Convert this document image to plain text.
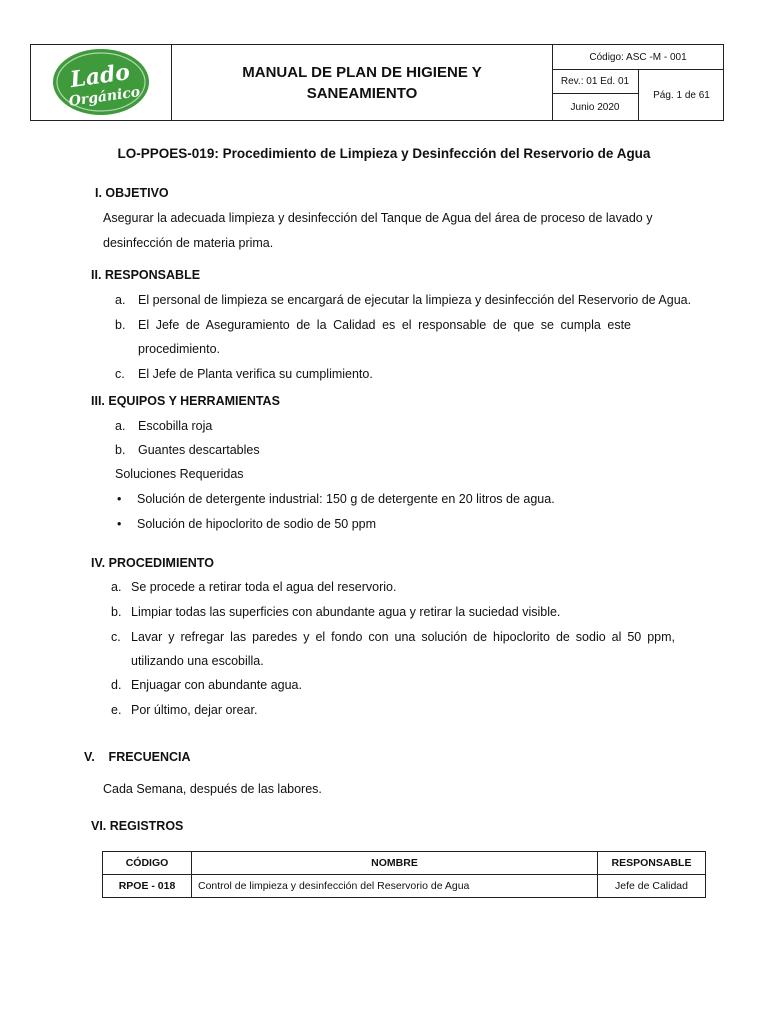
Lado
Orgánico
MANUAL DE PLAN DE HIGIENE Y SANEAMIENTO
Código: ASC -M - 001
Rev.: 01 Ed. 01
Junio 2020
Pág. 1 de 61
LO-PPOES-019: Procedimiento de Limpieza y Desinfección del Reservorio de Agua
I. OBJETIVO
Asegurar la adecuada limpieza y desinfección del Tanque de Agua del área de proceso de lavado y
desinfección de materia prima.
II. RESPONSABLE
a. El personal de limpieza se encargará de ejecutar la limpieza y desinfección del Reservorio de Agua.
b. El Jefe de Aseguramiento de la Calidad es el responsable de que se cumpla este
procedimiento.
c. El Jefe de Planta verifica su cumplimiento.
III. EQUIPOS Y HERRAMIENTAS
a. Escobilla roja
b. Guantes descartables
Soluciones Requeridas
• Solución de detergente industrial: 150 g de detergente en 20 litros de agua.
• Solución de hipoclorito de sodio de 50 ppm
IV. PROCEDIMIENTO
a. Se procede a retirar toda el agua del reservorio.
b. Limpiar todas las superficies con abundante agua y retirar la suciedad visible.
c. Lavar y refregar las paredes y el fondo con una solución de hipoclorito de sodio al 50 ppm,
utilizando una escobilla.
d. Enjuagar con abundante agua.
e. Por último, dejar orear.
V.    FRECUENCIA
Cada Semana, después de las labores.
VI. REGISTROS
CÓDIGO	NOMBRE	RESPONSABLE
RPOE - 018	Control de limpieza y desinfección del Reservorio de Agua	Jefe de Calidad
